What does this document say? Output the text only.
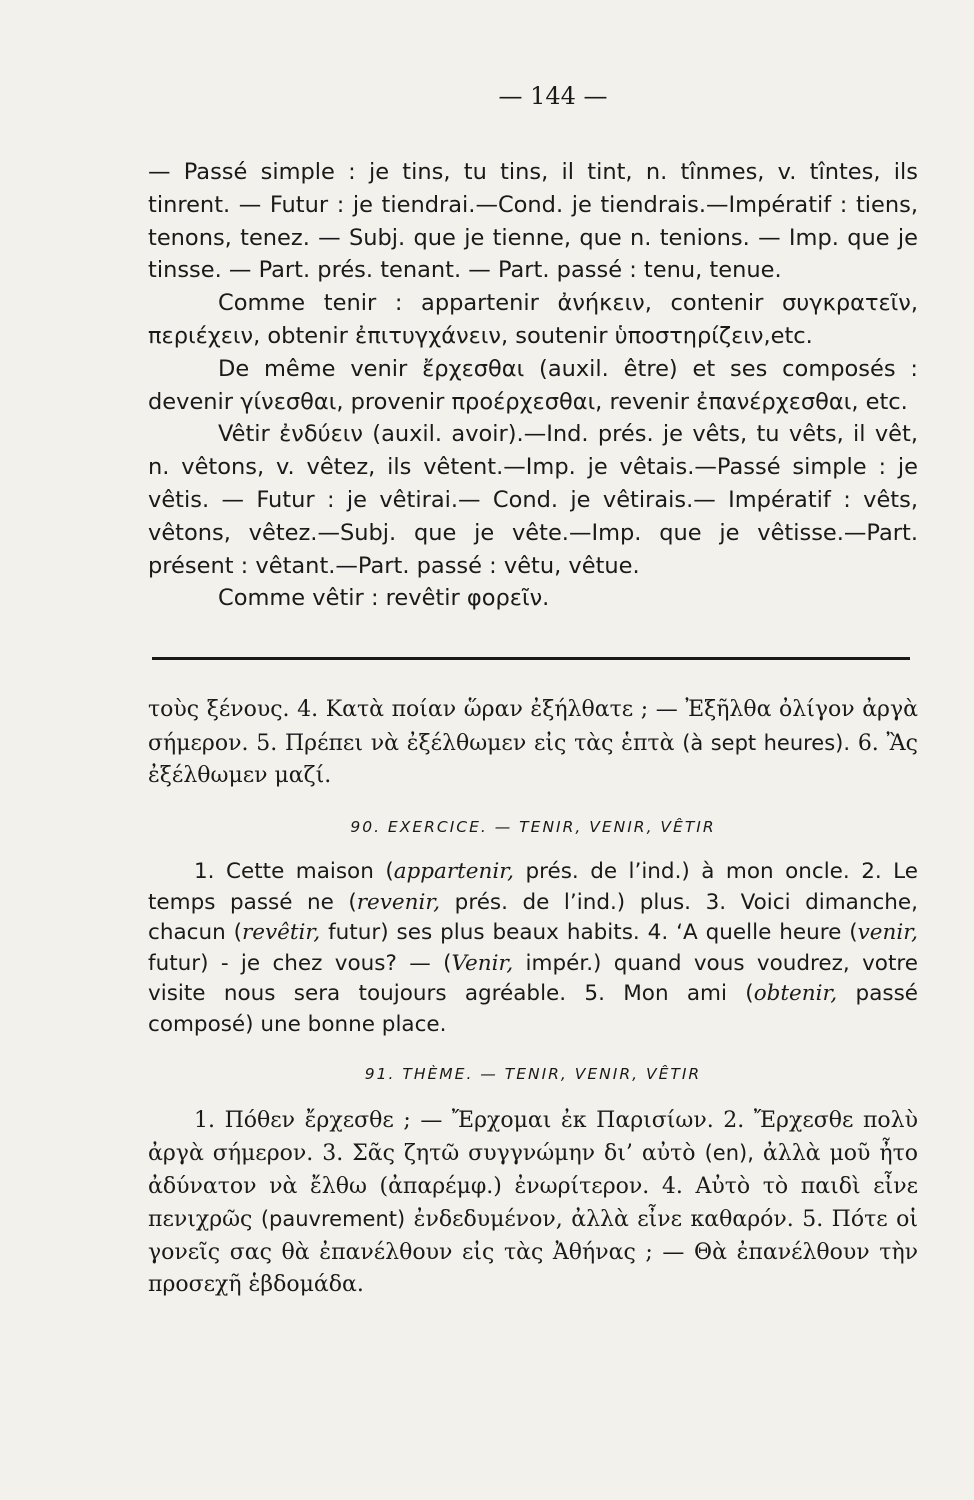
— 144 —

— Passé simple : je tins, tu tins, il tint, n. tînmes, v. tîntes, ils tinrent. — Futur : je tiendrai.—Cond. je tiendrais.—Impératif : tiens, tenons, tenez. — Subj. que je tienne, que n. tenions. — Imp. que je tinsse. — Part. prés. tenant. — Part. passé : tenu, tenue.

Comme tenir : appartenir ἀνήκειν, contenir συγκρατεῖν, περιέχειν, obtenir ἐπιτυγχάνειν, soutenir ὑποστηρίζειν,etc.

De même venir ἔρχεσθαι (auxil. être) et ses composés : devenir γίνεσθαι, provenir προέρχεσθαι, revenir ἐπανέρχεσθαι, etc.

Vêtir ἐνδύειν (auxil. avoir).—Ind. prés. je vêts, tu vêts, il vêt, n. vêtons, v. vêtez, ils vêtent.—Imp. je vêtais.—Passé simple : je vêtis. — Futur : je vêtirai.— Cond. je vêtirais.— Impératif : vêts, vêtons, vêtez.—Subj. que je vête.—Imp. que je vêtisse.—Part. présent : vêtant.—Part. passé : vêtu, vêtue.

Comme vêtir : revêtir φορεῖν.

τοὺς ξένους. 4. Κατὰ ποίαν ὥραν ἐξήλθατε ; — Ἐξῆλθα ὀλίγον ἀργὰ σήμερον. 5. Πρέπει νὰ ἐξέλθωμεν εἰς τὰς ἑπτὰ (à sept heures). 6. Ἂς ἐξέλθωμεν μαζί.

90. EXERCICE. — TENIR, VENIR, VÊTIR

1. Cette maison (appartenir, prés. de l’ind.) à mon oncle. 2. Le temps passé ne (revenir, prés. de l’ind.) plus. 3. Voici dimanche, chacun (revêtir, futur) ses plus beaux habits. 4. ‘A quelle heure (venir, futur) - je chez vous? — (Venir, impér.) quand vous voudrez, votre visite nous sera toujours agréable. 5. Mon ami (obtenir, passé composé) une bonne place.

91. THÈME. — TENIR, VENIR, VÊTIR

1. Πόθεν ἔρχεσθε ; — Ἔρχομαι ἐκ Παρισίων. 2. Ἔρχεσθε πολὺ ἀργὰ σήμερον. 3. Σᾶς ζητῶ συγγνώμην δι’ αὐτὸ (en), ἀλλὰ μοῦ ἦτο ἀδύνατον νὰ ἔλθω (ἀπαρέμφ.) ἐνωρίτερον. 4. Αὐτὸ τὸ παιδὶ εἶνε πενιχρῶς (pauvrement) ἐνδεδυμένον, ἀλλὰ εἶνε καθαρόν. 5. Πότε οἱ γονεῖς σας θὰ ἐπανέλθουν εἰς τὰς Ἀθήνας ; — Θὰ ἐπανέλθουν τὴν προσεχῆ ἑβδομάδα.
